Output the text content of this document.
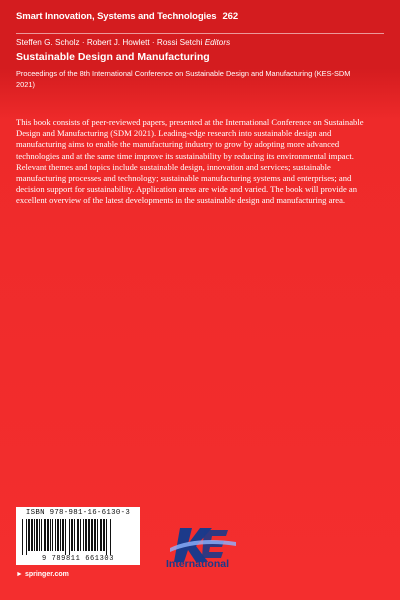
Smart Innovation, Systems and Technologies 262
Steffen G. Scholz · Robert J. Howlett · Rossi Setchi Editors
Sustainable Design and Manufacturing
Proceedings of the 8th International Conference on Sustainable Design and Manufacturing (KES-SDM 2021)
This book consists of peer-reviewed papers, presented at the International Conference on Sustainable Design and Manufacturing (SDM 2021). Leading-edge research into sustainable design and manufacturing aims to enable the manufacturing industry to grow by adopting more advanced technologies and at the same time improve its sustainability by reducing its environmental impact. Relevant themes and topics include sustainable design, innovation and services; sustainable manufacturing processes and technology; sustainable manufacturing systems and enterprises; and decision support for sustainability. Application areas are wide and varied. The book will provide an excellent overview of the latest developments in the sustainable design and manufacturing area.
ISBN 978-981-16-6130-3
9 789811 661303
► springer.com
International
